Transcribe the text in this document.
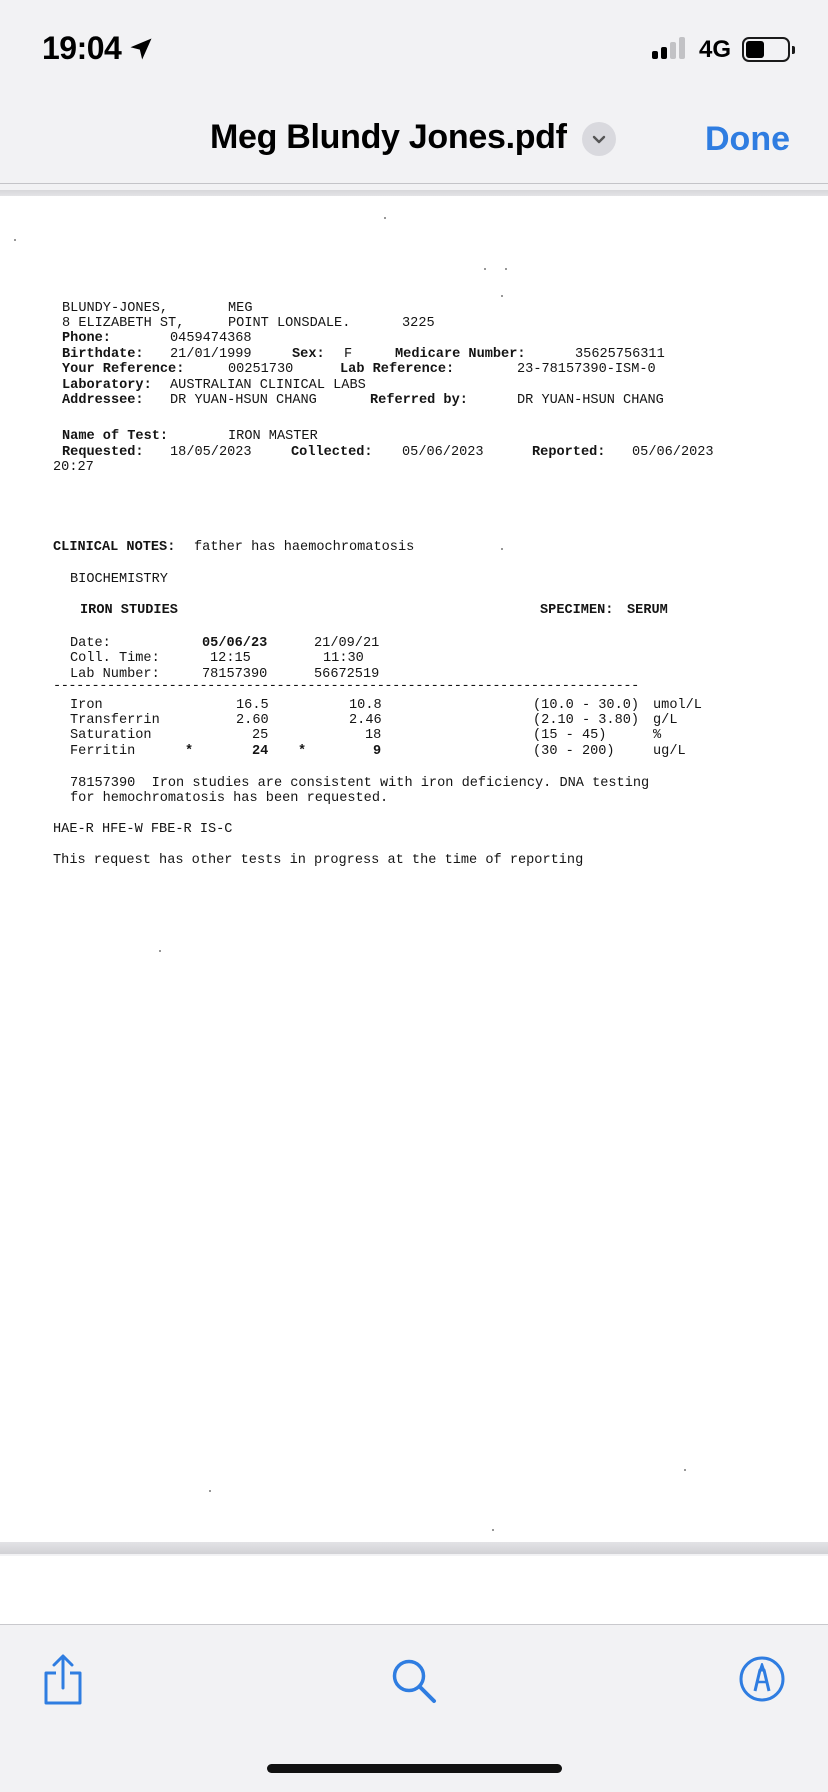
19:04	4G
Meg Blundy Jones.pdf	Done
BLUNDY-JONES,	MEG
8 ELIZABETH ST,	POINT LONSDALE.	3225
Phone:	0459474368
Birthdate: 21/01/1999	Sex: F	Medicare Number:	35625756311
Your Reference:	00251730	Lab Reference:	23-78157390-ISM-0
Laboratory: AUSTRALIAN CLINICAL LABS
Addressee: DR YUAN-HSUN CHANG	Referred by:	DR YUAN-HSUN CHANG
Name of Test:	IRON MASTER
Requested: 18/05/2023	Collected: 05/06/2023	Reported: 05/06/2023
20:27
CLINICAL NOTES: father has haemochromatosis
BIOCHEMISTRY
IRON STUDIES	SPECIMEN: SERUM
Date:	05/06/23	21/09/21
Coll. Time:	12:15	11:30
Lab Number:	78157390	56672519
----------------------------------------------------------------------------
Iron	16.5	10.8	(10.0 - 30.0) umol/L
Transferrin	2.60	2.46	(2.10 - 3.80) g/L
Saturation	25	18	(15 - 45)	%
Ferritin	*	24 *	9	(30 - 200)	ug/L
78157390  Iron studies are consistent with iron deficiency. DNA testing
for hemochromatosis has been requested.
HAE-R HFE-W FBE-R IS-C
This request has other tests in progress at the time of reporting
